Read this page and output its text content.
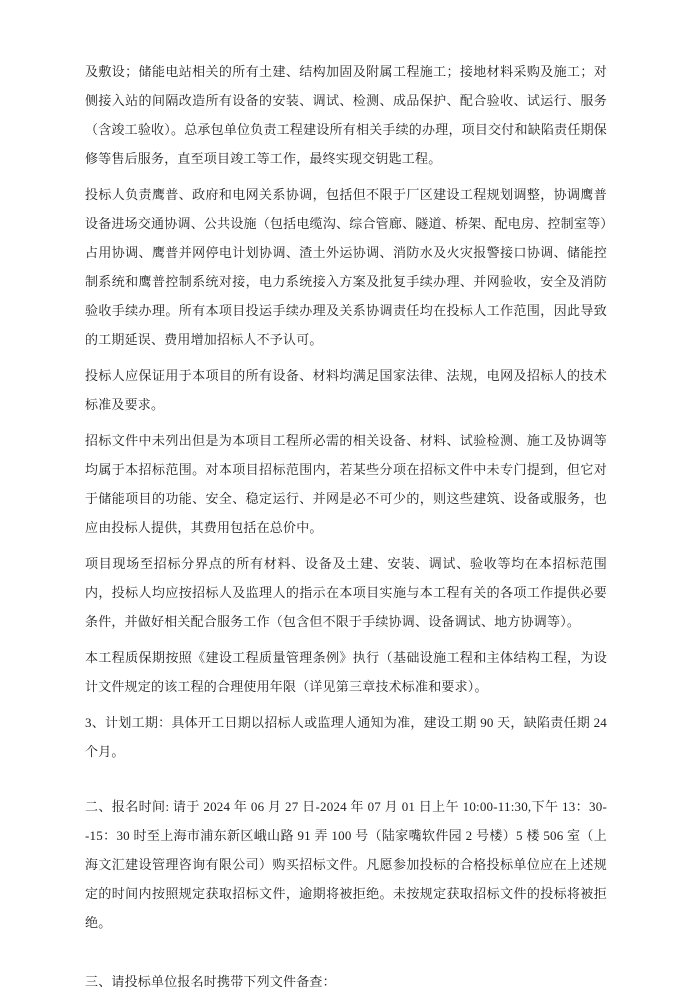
及敷设；储能电站相关的所有土建、结构加固及附属工程施工；接地材料采购及施工；对侧接入站的间隔改造所有设备的安装、调试、检测、成品保护、配合验收、试运行、服务（含竣工验收）。总承包单位负责工程建设所有相关手续的办理，项目交付和缺陷责任期保修等售后服务，直至项目竣工等工作，最终实现交钥匙工程。

投标人负责鹰普、政府和电网关系协调，包括但不限于厂区建设工程规划调整，协调鹰普设备进场交通协调、公共设施（包括电缆沟、综合管廊、隧道、桥架、配电房、控制室等）占用协调、鹰普并网停电计划协调、渣土外运协调、消防水及火灾报警接口协调、储能控制系统和鹰普控制系统对接，电力系统接入方案及批复手续办理、并网验收，安全及消防验收手续办理。所有本项目投运手续办理及关系协调责任均在投标人工作范围，因此导致的工期延误、费用增加招标人不予认可。

投标人应保证用于本项目的所有设备、材料均满足国家法律、法规，电网及招标人的技术标准及要求。

招标文件中未列出但是为本项目工程所必需的相关设备、材料、试验检测、施工及协调等均属于本招标范围。对本项目招标范围内，若某些分项在招标文件中未专门提到，但它对于储能项目的功能、安全、稳定运行、并网是必不可少的，则这些建筑、设备或服务，也应由投标人提供，其费用包括在总价中。

项目现场至招标分界点的所有材料、设备及土建、安装、调试、验收等均在本招标范围内，投标人均应按招标人及监理人的指示在本项目实施与本工程有关的各项工作提供必要条件，并做好相关配合服务工作（包含但不限于手续协调、设备调试、地方协调等）。

本工程质保期按照《建设工程质量管理条例》执行（基础设施工程和主体结构工程，为设计文件规定的该工程的合理使用年限（详见第三章技术标准和要求）。

3、计划工期：具体开工日期以招标人或监理人通知为准，建设工期 90 天，缺陷责任期 24 个月。

二、报名时间: 请于 2024 年 06 月 27 日-2024 年 07 月 01 日上午 10:00-11:30,下午 13：30--15：30 时至上海市浦东新区峨山路 91 弄 100 号（陆家嘴软件园 2 号楼）5 楼 506 室（上海文汇建设管理咨询有限公司）购买招标文件。凡愿参加投标的合格投标单位应在上述规定的时间内按照规定获取招标文件，逾期将被拒绝。未按规定获取招标文件的投标将被拒绝。

三、请投标单位报名时携带下列文件备查：
